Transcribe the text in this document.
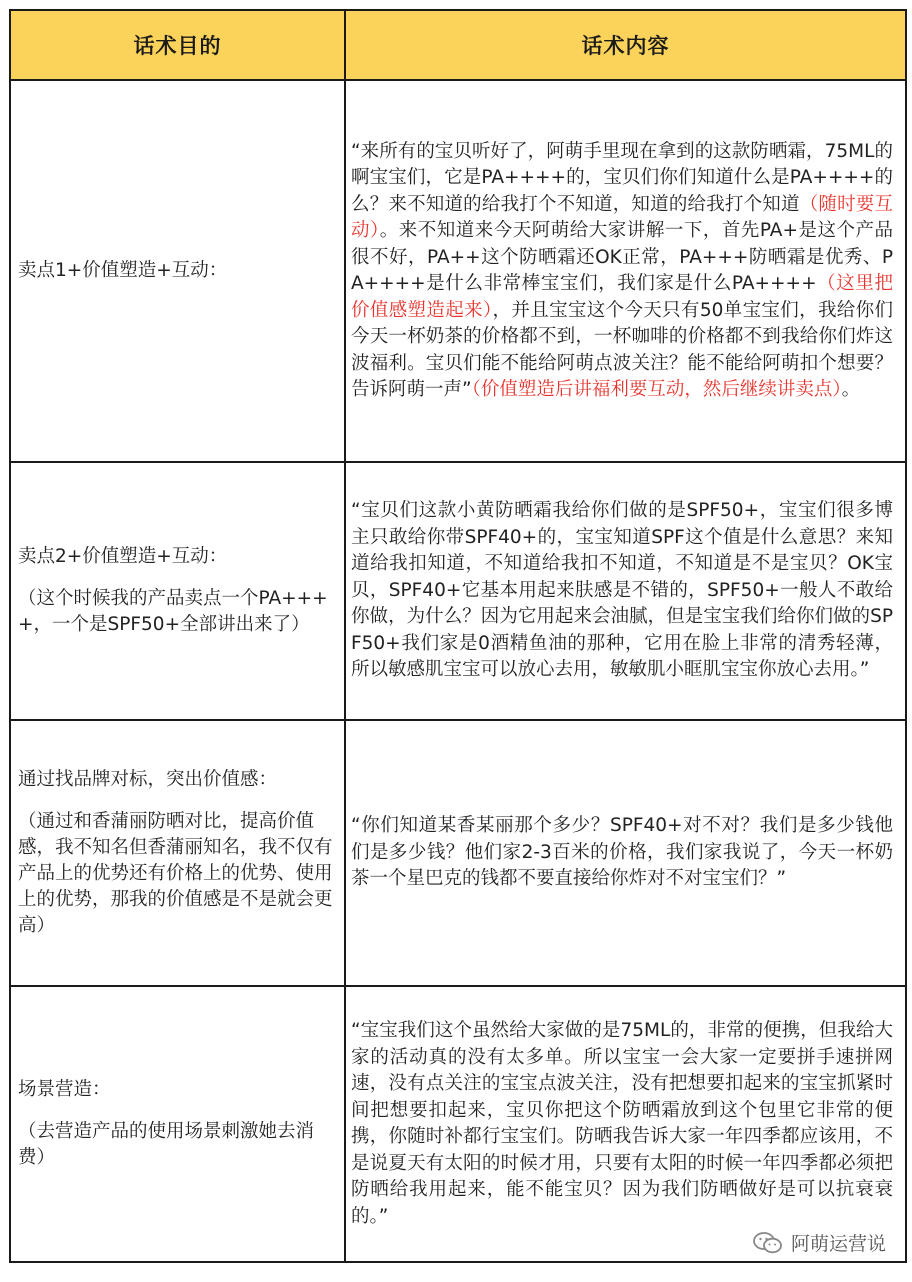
话术目的	话术内容

卖点1+价值塑造+互动：	“来所有的宝贝听好了，阿萌手里现在拿到的这款防晒霜，75ML的啊宝宝们，它是PA++++的，宝贝们你们知道什么是PA++++的么？来不知道的给我打个不知道，知道的给我打个知道（随时要互动）。来不知道来今天阿萌给大家讲解一下，首先PA+是这个产品很不好，PA++这个防晒霜还OK正常，PA+++防晒霜是优秀、PA++++是什么非常棒宝宝们，我们家是什么PA++++（这里把价值感塑造起来），并且宝宝这个今天只有50单宝宝们，我给你们今天一杯奶茶的价格都不到，一杯咖啡的价格都不到我给你们炸这波福利。宝贝们能不能给阿萌点波关注？能不能给阿萌扣个想要？告诉阿萌一声”（价值塑造后讲福利要互动，然后继续讲卖点）。

卖点2+价值塑造+互动：
（这个时候我的产品卖点一个PA++++，一个是SPF50+全部讲出来了）	“宝贝们这款小黄防晒霜我给你们做的是SPF50+，宝宝们很多博主只敢给你带SPF40+的，宝宝知道SPF这个值是什么意思？来知道给我扣知道，不知道给我扣不知道，不知道是不是宝贝？OK宝贝，SPF40+它基本用起来肤感是不错的，SPF50+一般人不敢给你做，为什么？因为它用起来会油腻，但是宝宝我们给你们做的SPF50+我们家是0酒精鱼油的那种，它用在脸上非常的清秀轻薄，所以敏感肌宝宝可以放心去用，敏敏肌小眶肌宝宝你放心去用。”

通过找品牌对标，突出价值感：
（通过和香蒲丽防晒对比，提高价值感，我不知名但香蒲丽知名，我不仅有产品上的优势还有价格上的优势、使用上的优势，那我的价值感是不是就会更高）	“你们知道某香某丽那个多少？SPF40+对不对？我们是多少钱他们是多少钱？他们家2-3百米的价格，我们家我说了，今天一杯奶茶一个星巴克的钱都不要直接给你炸对不对宝宝们？”

场景营造：
（去营造产品的使用场景刺激她去消费）	“宝宝我们这个虽然给大家做的是75ML的，非常的便携，但我给大家的活动真的没有太多单。所以宝宝一会大家一定要拼手速拼网速，没有点关注的宝宝点波关注，没有把想要扣起来的宝宝抓紧时间把想要扣起来，宝贝你把这个防晒霜放到这个包里它非常的便携，你随时补都行宝宝们。防晒我告诉大家一年四季都应该用，不是说夏天有太阳的时候才用，只要有太阳的时候一年四季都必须把防晒给我用起来，能不能宝贝？因为我们防晒做好是可以抗衰衰的。”
阿萌运营说
